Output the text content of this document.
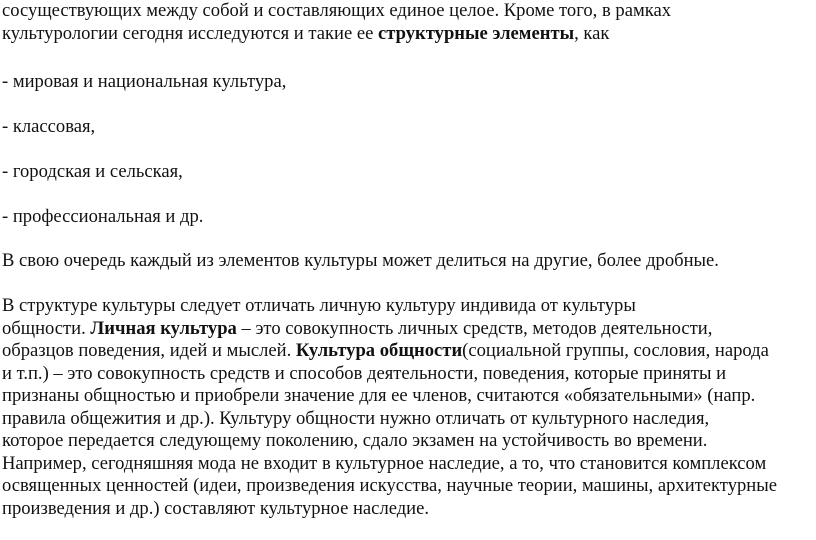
сосуществующих между собой и составляющих единое целое. Кроме того, в рамках
культурологии сегодня исследуются и такие ее структурные элементы, как
- мировая и национальная культура,
- классовая,
- городская и сельская,
- профессиональная и др.
В свою очередь каждый из элементов культуры может делиться на другие, более дробные.
В структуре культуры следует отличать личную культуру индивида от культуры
общности. Личная культура – это совокупность личных средств, методов деятельности,
образцов поведения, идей и мыслей. Культура общности(социальной группы, сословия, народа
и т.п.) – это совокупность средств и способов деятельности, поведения, которые приняты и
признаны общностью и приобрели значение для ее членов, считаются «обязательными» (напр.
правила общежития и др.). Культуру общности нужно отличать от культурного наследия,
которое передается следующему поколению, сдало экзамен на устойчивость во времени.
Например, сегодняшняя мода не входит в культурное наследие, а то, что становится комплексом
освященных ценностей (идеи, произведения искусства, научные теории, машины, архитектурные
произведения и др.) составляют культурное наследие.
